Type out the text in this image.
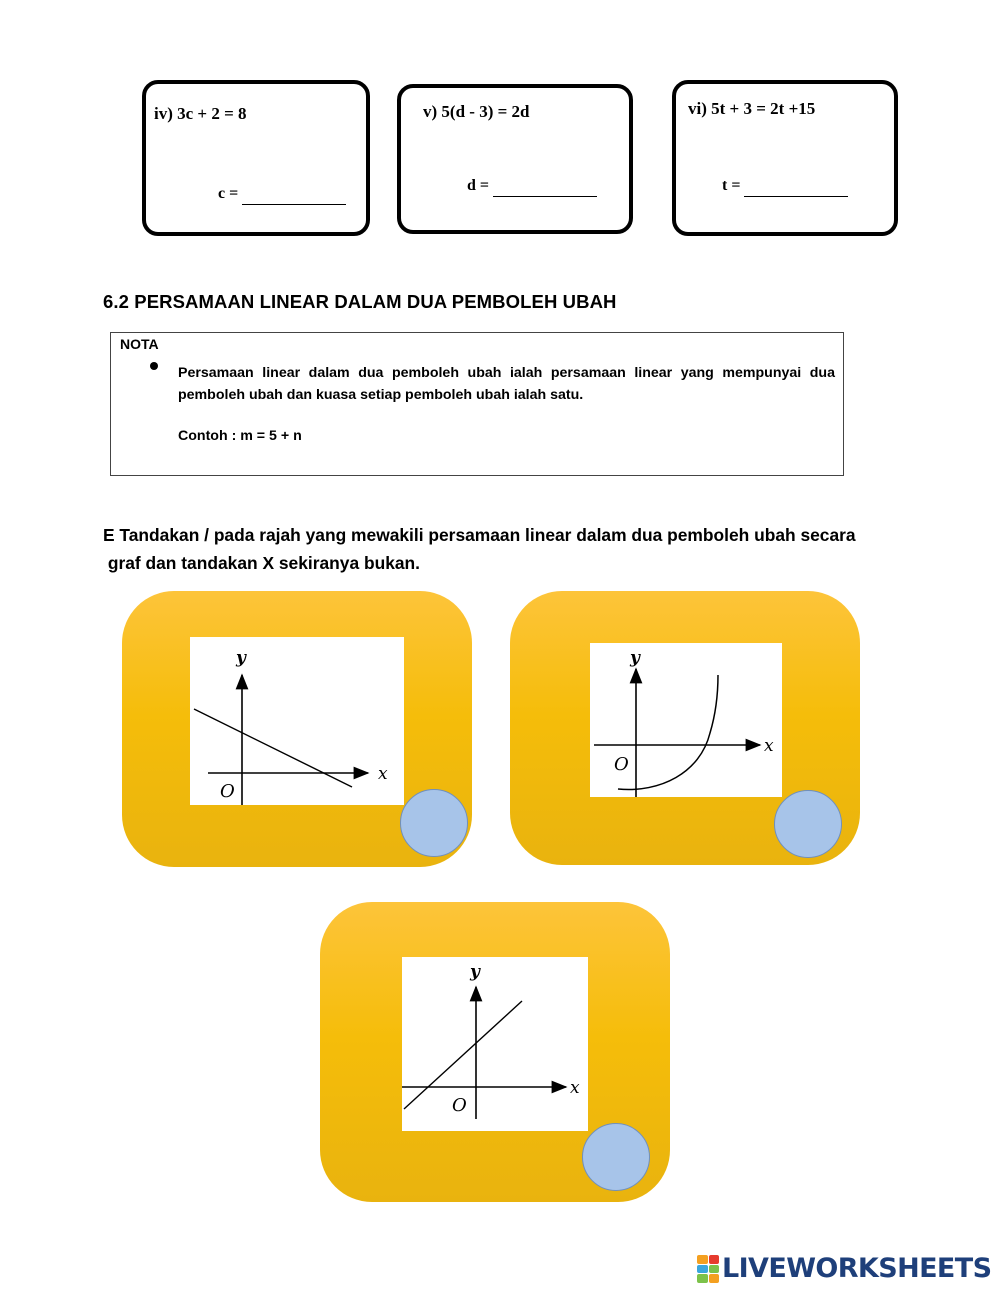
iv) 3c + 2 = 8
c =
v) 5(d - 3) = 2d
d =
vi) 5t + 3 = 2t +15
t =
6.2 PERSAMAAN LINEAR DALAM DUA PEMBOLEH UBAH
NOTA
Persamaan linear dalam dua pemboleh ubah ialah persamaan linear yang mempunyai dua pemboleh ubah dan kuasa setiap pemboleh ubah ialah satu.
Contoh : m = 5 + n
E Tandakan / pada rajah yang mewakili persamaan linear dalam dua pemboleh ubah secara
graf dan tandakan X sekiranya bukan.
y
x
O
y
x
O
y
x
O
LIVEWORKSHEETS
